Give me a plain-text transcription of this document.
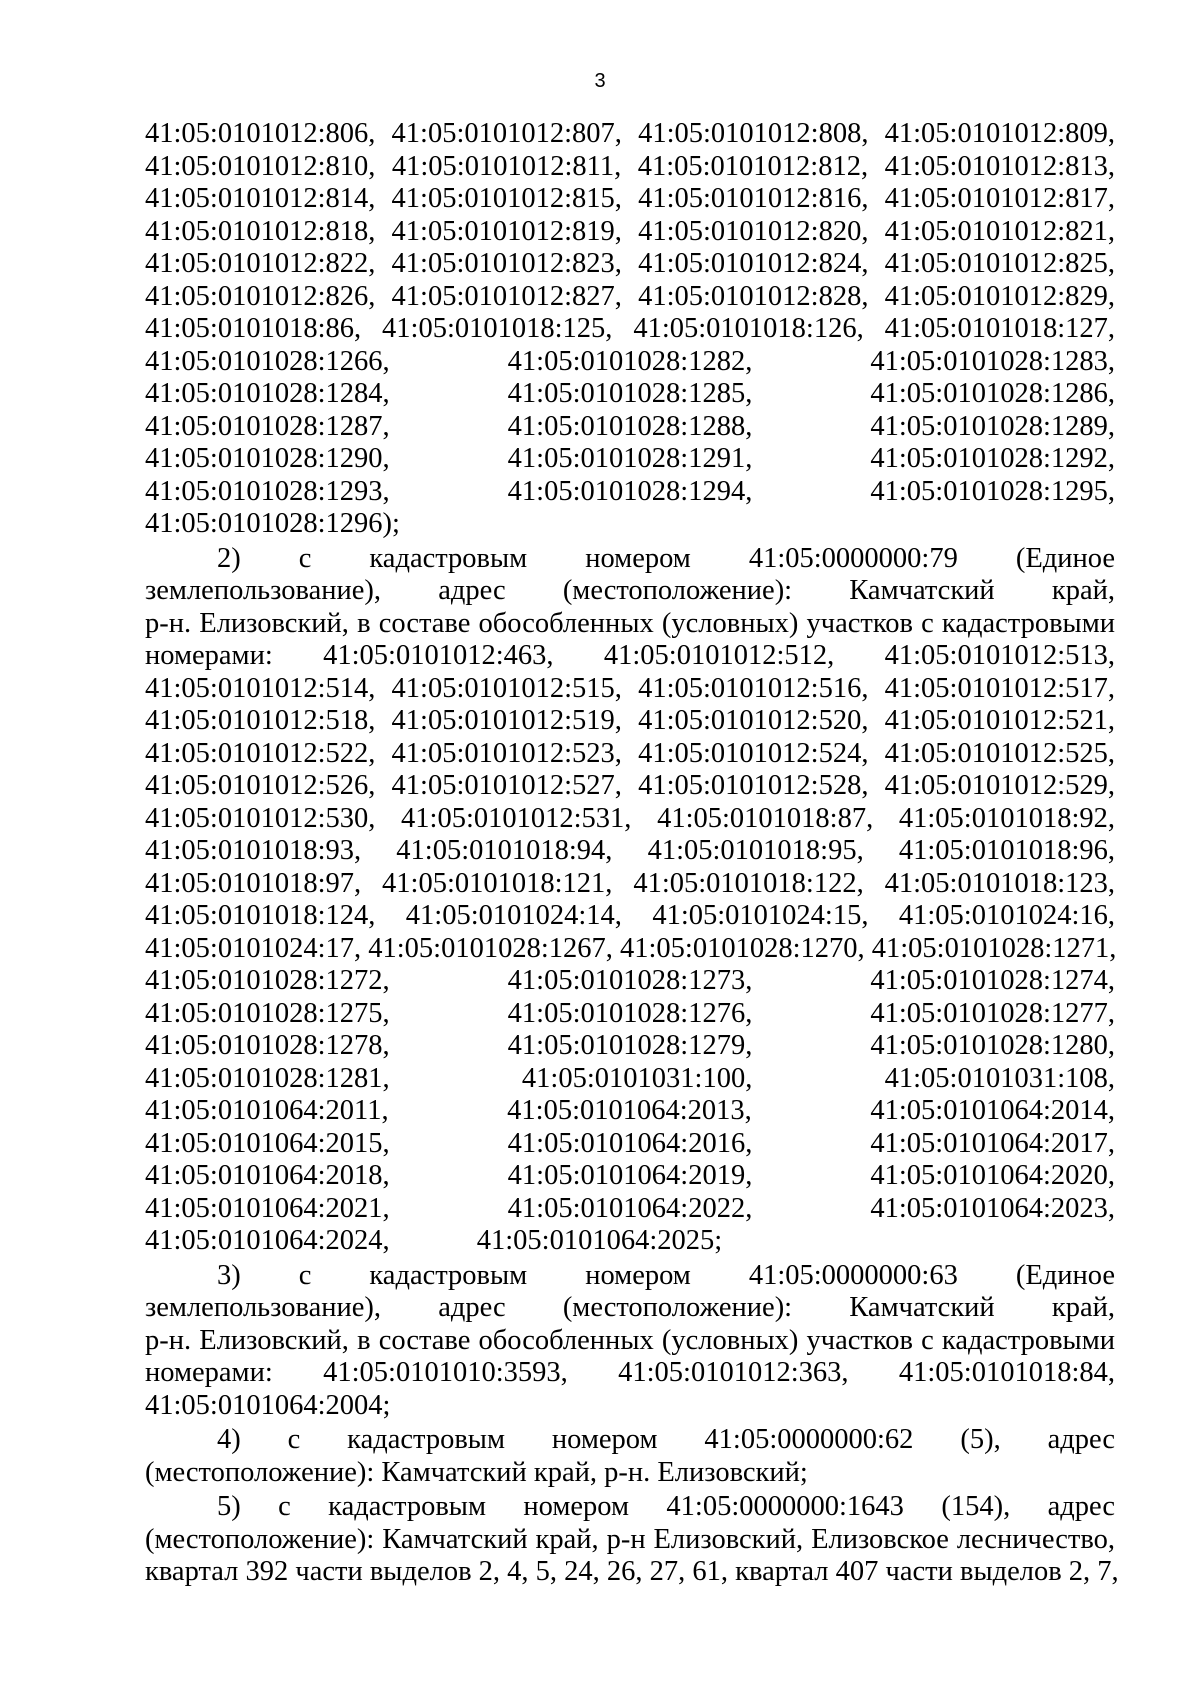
3
41:05:0101012:806, 41:05:0101012:807, 41:05:0101012:808, 41:05:0101012:809,
41:05:0101012:810, 41:05:0101012:811, 41:05:0101012:812, 41:05:0101012:813,
41:05:0101012:814, 41:05:0101012:815, 41:05:0101012:816, 41:05:0101012:817,
41:05:0101012:818, 41:05:0101012:819, 41:05:0101012:820, 41:05:0101012:821,
41:05:0101012:822, 41:05:0101012:823, 41:05:0101012:824, 41:05:0101012:825,
41:05:0101012:826, 41:05:0101012:827, 41:05:0101012:828, 41:05:0101012:829,
41:05:0101018:86, 41:05:0101018:125, 41:05:0101018:126, 41:05:0101018:127,
41:05:0101028:1266, 41:05:0101028:1282, 41:05:0101028:1283,
41:05:0101028:1284, 41:05:0101028:1285, 41:05:0101028:1286,
41:05:0101028:1287, 41:05:0101028:1288, 41:05:0101028:1289,
41:05:0101028:1290, 41:05:0101028:1291, 41:05:0101028:1292,
41:05:0101028:1293, 41:05:0101028:1294, 41:05:0101028:1295,
41:05:0101028:1296);
2) с кадастровым номером 41:05:0000000:79 (Единое
землепользование), адрес (местоположение): Камчатский край,
р-н. Елизовский, в составе обособленных (условных) участков с кадастровыми
номерами: 41:05:0101012:463, 41:05:0101012:512, 41:05:0101012:513,
41:05:0101012:514, 41:05:0101012:515, 41:05:0101012:516, 41:05:0101012:517,
41:05:0101012:518, 41:05:0101012:519, 41:05:0101012:520, 41:05:0101012:521,
41:05:0101012:522, 41:05:0101012:523, 41:05:0101012:524, 41:05:0101012:525,
41:05:0101012:526, 41:05:0101012:527, 41:05:0101012:528, 41:05:0101012:529,
41:05:0101012:530, 41:05:0101012:531, 41:05:0101018:87, 41:05:0101018:92,
41:05:0101018:93, 41:05:0101018:94, 41:05:0101018:95, 41:05:0101018:96,
41:05:0101018:97, 41:05:0101018:121, 41:05:0101018:122, 41:05:0101018:123,
41:05:0101018:124, 41:05:0101024:14, 41:05:0101024:15, 41:05:0101024:16,
41:05:0101024:17, 41:05:0101028:1267, 41:05:0101028:1270, 41:05:0101028:1271,
41:05:0101028:1272, 41:05:0101028:1273, 41:05:0101028:1274,
41:05:0101028:1275, 41:05:0101028:1276, 41:05:0101028:1277,
41:05:0101028:1278, 41:05:0101028:1279, 41:05:0101028:1280,
41:05:0101028:1281, 41:05:0101031:100, 41:05:0101031:108,
41:05:0101064:2011, 41:05:0101064:2013, 41:05:0101064:2014,
41:05:0101064:2015, 41:05:0101064:2016, 41:05:0101064:2017,
41:05:0101064:2018, 41:05:0101064:2019, 41:05:0101064:2020,
41:05:0101064:2021, 41:05:0101064:2022, 41:05:0101064:2023,
41:05:0101064:2024, 41:05:0101064:2025;
3) с кадастровым номером 41:05:0000000:63 (Единое
землепользование), адрес (местоположение): Камчатский край,
р-н. Елизовский, в составе обособленных (условных) участков с кадастровыми
номерами: 41:05:0101010:3593, 41:05:0101012:363, 41:05:0101018:84,
41:05:0101064:2004;
4) с кадастровым номером 41:05:0000000:62 (5), адрес
(местоположение): Камчатский край, р-н. Елизовский;
5) с кадастровым номером 41:05:0000000:1643 (154), адрес
(местоположение): Камчатский край, р-н Елизовский, Елизовское лесничество,
квартал 392 части выделов 2, 4, 5, 24, 26, 27, 61, квартал 407 части выделов 2, 7,
